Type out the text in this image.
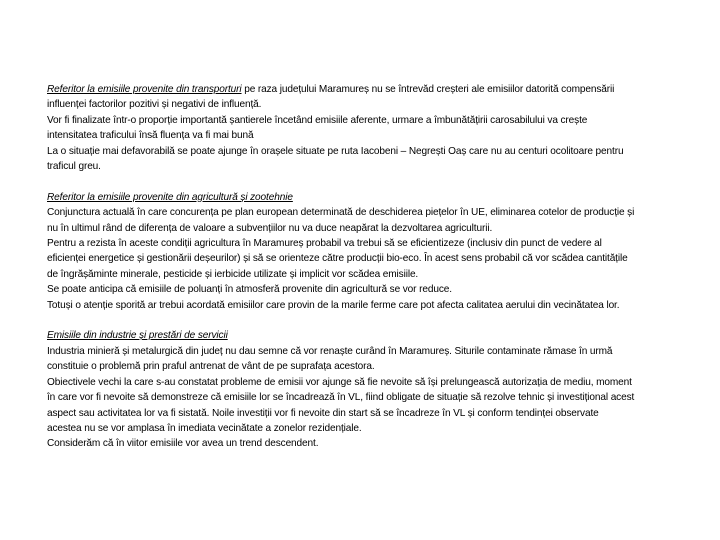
Referitor la emisiile provenite din transporturi pe raza județului Maramureș nu se întrevăd creșteri ale emisiilor datorită compensării
influenței factorilor pozitivi și negativi de influență.
Vor fi finalizate într-o proporție importantă șantierele încetând emisiile aferente, urmare a îmbunătățirii carosabilului va crește
intensitatea traficului însă fluența va fi mai bună
La o situație mai defavorabilă se poate ajunge în orașele situate pe ruta Iacobeni – Negrești Oaș care nu au centuri ocolitoare pentru
traficul greu.
Referitor la emisiile provenite din agricultură și zootehnie
Conjunctura actuală în care concurența pe plan european determinată de deschiderea piețelor în UE, eliminarea cotelor de producție și
nu în ultimul rând de diferența de valoare a subvențiilor nu va duce neapărat la dezvoltarea agriculturii.
Pentru a rezista în aceste condiții agricultura în Maramureș probabil va trebui să se eficientizeze (inclusiv din punct de vedere al
eficienței energetice și gestionării deșeurilor) și să se orienteze către producții bio-eco. În acest sens probabil că vor scădea cantitățile
de îngrășăminte minerale, pesticide și ierbicide utilizate și implicit vor scădea emisiile.
Se poate anticipa că emisiile de poluanți în atmosferă provenite din agricultură se vor reduce.
Totuși o atenție sporită ar trebui acordată emisiilor care provin de la marile ferme care pot afecta calitatea aerului din vecinătatea lor.
Emisiile din industrie și prestări de servicii
Industria minieră și metalurgică din județ nu dau semne că vor renaște curând în Maramureș. Siturile contaminate rămase în urmă
constituie o problemă prin praful antrenat de vânt de pe suprafața acestora.
Obiectivele vechi la care s-au constatat probleme de emisii vor ajunge să fie nevoite să își prelungească autorizația de mediu, moment
în care vor fi nevoite să demonstreze că emisiile lor se încadrează în VL, fiind obligate de situație să rezolve tehnic și investițional acest
aspect sau activitatea lor va fi sistată. Noile investiții vor fi nevoite din start să se încadreze în VL și conform tendinței observate
acestea nu se vor amplasa în imediata vecinătate a zonelor rezidențiale.
Considerăm că în viitor emisiile vor avea un trend descendent.
